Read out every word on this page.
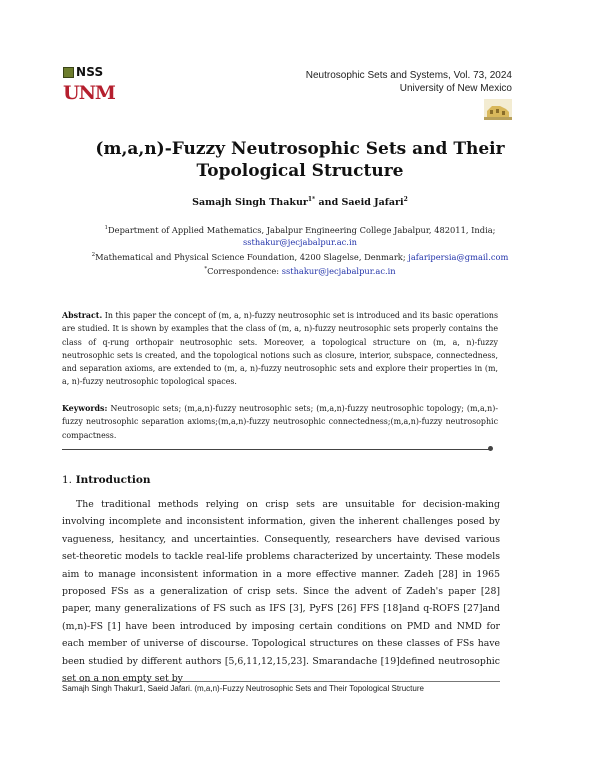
NSS
UNM
Neutrosophic Sets and Systems, Vol. 73, 2024
University of New Mexico
(m,a,n)-Fuzzy Neutrosophic Sets and Their
Topological Structure
Samajh Singh Thakur$^{1*}$ and Saeid Jafari$^2$
$^1$Department of Applied Mathematics, Jabalpur Engineering College Jabalpur, 482011, India;
ssthakur@jecjabalpur.ac.in
$^2$Mathematical and Physical Science Foundation, 4200 Slagelse, Denmark; jafaripersia@gmail.com
*Correspondence: ssthakur@jecjabalpur.ac.in
Abstract. In this paper the concept of (m, a, n)-fuzzy neutrosophic set is introduced and its basic operations are studied. It is shown by examples that the class of (m, a, n)-fuzzy neutrosophic sets properly contains the class of q-rung orthopair neutrosophic sets. Moreover, a topological structure on (m, a, n)-fuzzy neutrosophic sets is created, and the topological notions such as closure, interior, subspace, connectedness, and separation axioms, are extended to (m, a, n)-fuzzy neutrosophic sets and explore their properties in (m, a, n)-fuzzy neutrosophic topological spaces.
Keywords: Neutrosopic sets; (m,a,n)-fuzzy neutrosophic sets; (m,a,n)-fuzzy neutrosophic topology; (m,a,n)-fuzzy neutrosophic separation axioms;(m,a,n)-fuzzy neutrosophic connectedness;(m,a,n)-fuzzy neutrosophic compactness.
1. Introduction

The traditional methods relying on crisp sets are unsuitable for decision-making involving incomplete and inconsistent information, given the inherent challenges posed by vagueness, hesitancy, and uncertainties. Consequently, researchers have devised various set-theoretic models to tackle real-life problems characterized by uncertainty. These models aim to manage inconsistent information in a more effective manner. Zadeh [28] in 1965 proposed FSs as a generalization of crisp sets. Since the advent of Zadeh's paper [28] paper, many generalizations of FS such as IFS [3], PyFS [26] FFS [18]and q-ROFS [27]and (m,n)-FS [1] have been introduced by imposing certain conditions on PMD and NMD for each member of universe of discourse. Topological structures on these classes of FSs have been studied by different authors [5,6,11,12,15,23]. Smarandache [19]defined neutrosophic set on a non empty set by

Samajh Singh Thakur1, Saeid Jafari. (m,a,n)-Fuzzy Neutrosophic Sets and Their Topological Structure
